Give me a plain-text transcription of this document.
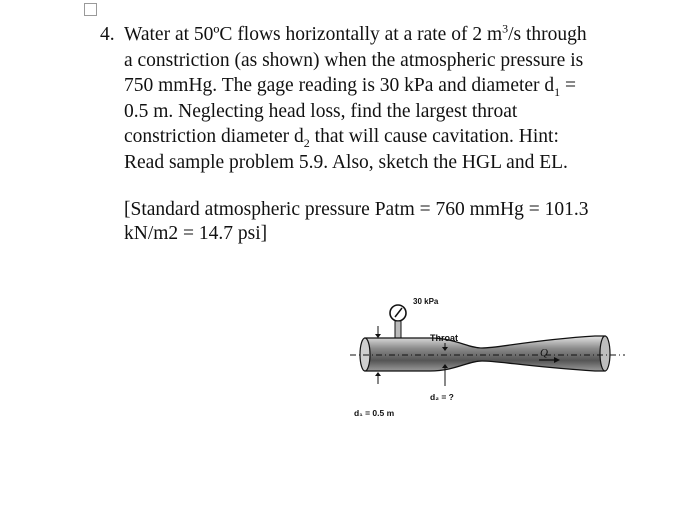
4. Water at 50ºC flows horizontally at a rate of 2 $m^3/s$ through
a constriction (as shown) when the atmospheric pressure is
750 mmHg. The gage reading is 30 kPa and diameter $d_1$ =
0.5 m. Neglecting head loss, find the largest throat
constriction diameter $d_2$ that will cause cavitation. Hint:
Read sample problem 5.9. Also, sketch the HGL and EL.
[Standard atmospheric pressure Patm = 760 mmHg = 101.3
kN/m2 = 14.7 psi]
30 kPa
d₁ = 0.5 m
Throat
d₂ = ?
Q
